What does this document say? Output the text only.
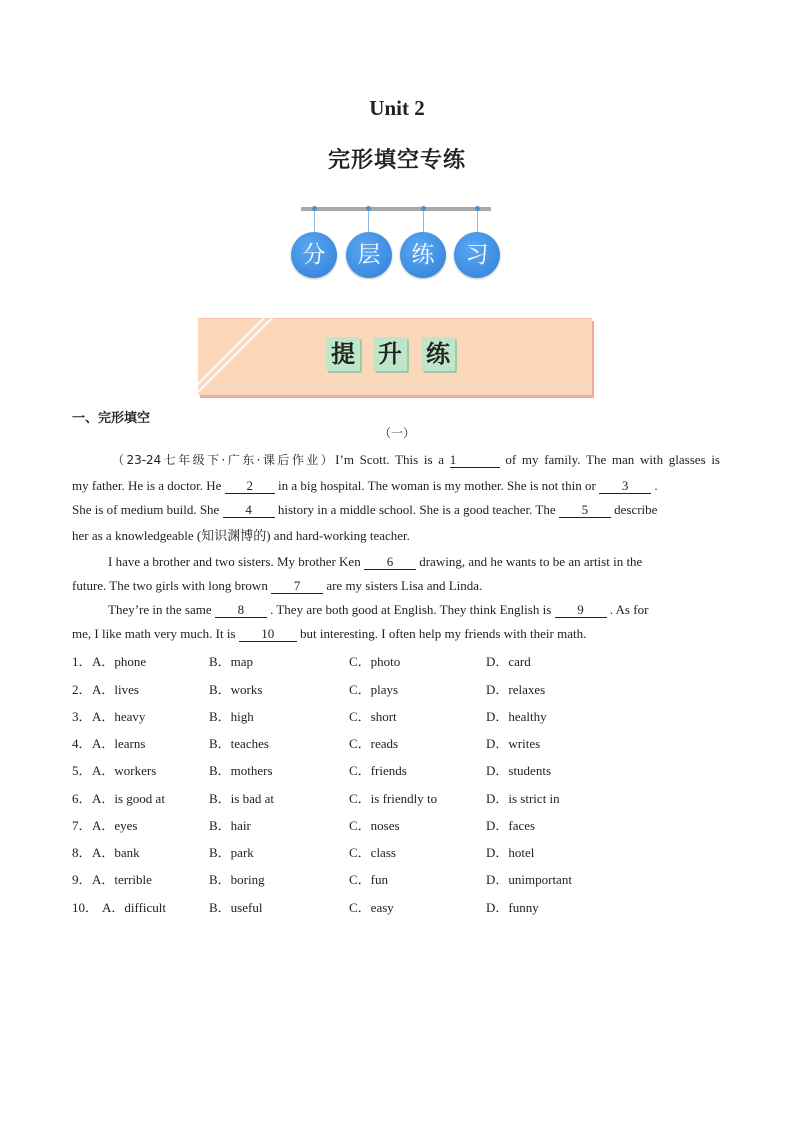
Unit 2
完形填空专练
分	层	练	习
提 升 练
一、完形填空
（一）
（23-24七年级下·广东·课后作业）I’m Scott. This is a 1	of my family. The man with glasses is
my father. He is a doctor. He 2 in a big hospital. The woman is my mother. She is not thin or 3 .
She is of medium build. She 4 history in a middle school. She is a good teacher. The 5 describe
her as a knowledgeable (知识渊博的) and hard-working teacher.
I have a brother and two sisters. My brother Ken 6 drawing, and he wants to be an artist in the
future. The two girls with long brown 7 are my sisters Lisa and Linda.
They’re in the same 8 . They are both good at English. They think English is 9 . As for
me, I like math very much. It is 10 but interesting. I often help my friends with their math.
1． A．phone	B．map	C．photo	D．card
2． A．lives	B．works	C．plays	D．relaxes
3． A．heavy	B．high	C．short	D．healthy
4． A．learns	B．teaches	C．reads	D．writes
5． A．workers	B．mothers	C．friends	D．students
6． A．is good at	B．is bad at	C．is friendly to	D．is strict in
7． A．eyes	B．hair	C．noses	D．faces
8． A．bank	B．park	C．class	D．hotel
9． A．terrible	B．boring	C．fun	D．unimportant
10． A．difficult	B．useful	C．easy	D．funny
